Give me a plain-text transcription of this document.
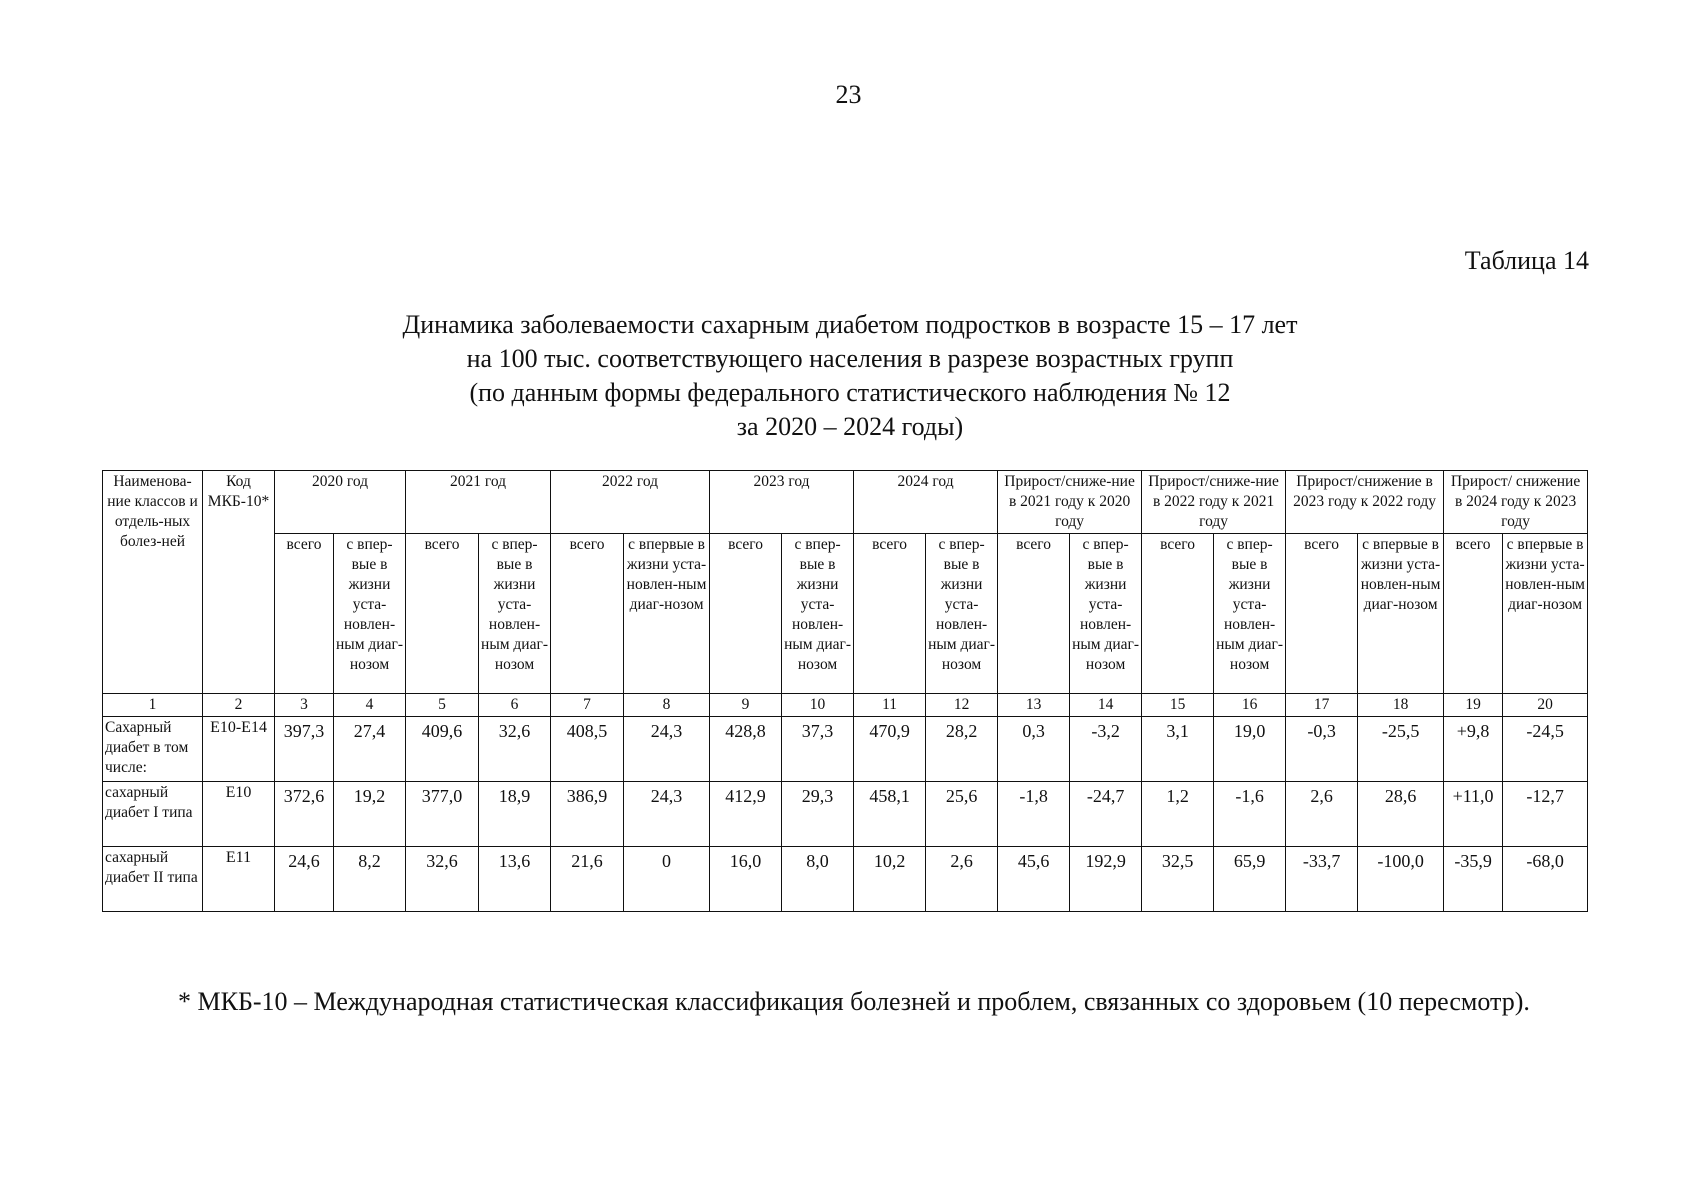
23
Таблица 14
Динамика заболеваемости сахарным диабетом подростков в возрасте 15 – 17 лет
на 100 тыс. соответствующего населения в разрезе возрастных групп
(по данным формы федерального статистического наблюдения № 12
за 2020 – 2024 годы)
Наименова-ние классов и отдель-ных болез-ней	Код МКБ-10*	2020 год		2021 год		2022 год		2023 год		2024 год		Прирост/сниже-ние в 2021 году к 2020 году		Прирост/сниже-ние в 2022 году к 2021 году		Прирост/снижение в 2023 году к 2022 году		Прирост/ снижение в 2024 году к 2023 году	
		всего	с впер-вые в жизни уста-новлен-ным диаг-нозом	всего	с впер-вые в жизни уста-новлен-ным диаг-нозом	всего	с впервые в жизни уста-новлен-ным диаг-нозом	всего	с впер-вые в жизни уста-новлен-ным диаг-нозом	всего	с впер-вые в жизни уста-новлен-ным диаг-нозом	всего	с впер-вые в жизни уста-новлен-ным диаг-нозом	всего	с впер-вые в жизни уста-новлен-ным диаг-нозом	всего	с впервые в жизни уста-новлен-ным диаг-нозом	всего	с впервые в жизни уста-новлен-ным диаг-нозом
1	2	3	4	5	6	7	8	9	10	11	12	13	14	15	16	17	18	19	20
Сахарный диабет в том числе:	E10-E14	397,3	27,4	409,6	32,6	408,5	24,3	428,8	37,3	470,9	28,2	0,3	-3,2	3,1	19,0	-0,3	-25,5	+9,8	-24,5
сахарный диабет I типа	E10	372,6	19,2	377,0	18,9	386,9	24,3	412,9	29,3	458,1	25,6	-1,8	-24,7	1,2	-1,6	2,6	28,6	+11,0	-12,7
сахарный диабет II типа	E11	24,6	8,2	32,6	13,6	21,6	0	16,0	8,0	10,2	2,6	45,6	192,9	32,5	65,9	-33,7	-100,0	-35,9	-68,0
* МКБ-10 – Международная статистическая классификация болезней и проблем, связанных со здоровьем (10 пересмотр).
